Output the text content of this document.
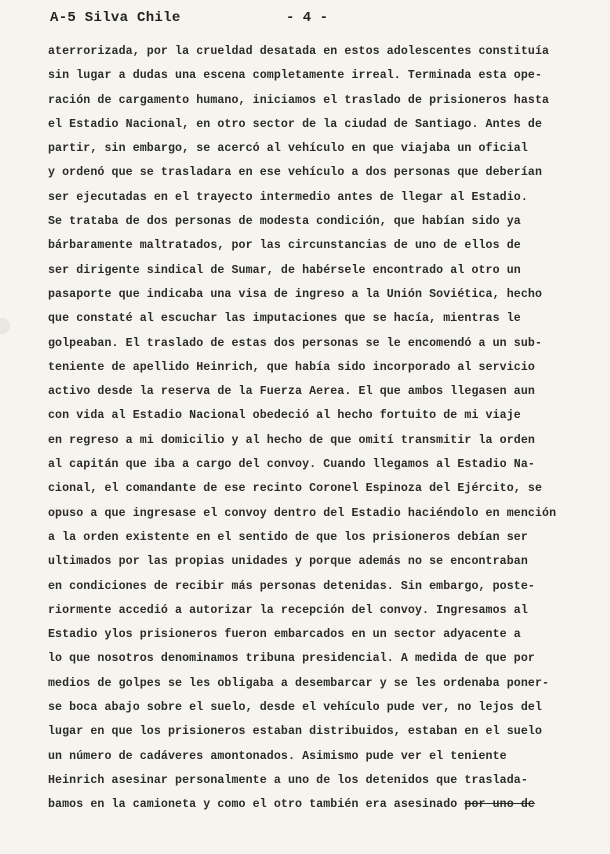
A-5 Silva Chile	- 4 -
aterrorizada, por la crueldad desatada en estos adolescentes constituía
sin lugar a dudas una escena completamente irreal. Terminada esta ope-
ración de cargamento humano, iniciamos el traslado de prisioneros hasta
el Estadio Nacional, en otro sector de la ciudad de Santiago. Antes de
partir, sin embargo, se acercó al vehículo en que viajaba un oficial
y ordenó que se trasladara en ese vehículo a dos personas que deberían
ser ejecutadas en el trayecto intermedio antes de llegar al Estadio.
Se trataba de dos personas de modesta condición, que habían sido ya
bárbaramente maltratados, por las circunstancias de uno de ellos de
ser dirigente sindical de Sumar, de habérsele encontrado al otro un
pasaporte que indicaba una visa de ingreso a la Unión Soviética, hecho
que constaté al escuchar las imputaciones que se hacía, mientras le
golpeaban. El traslado de estas dos personas se le encomendó a un sub-
teniente de apellido Heinrich, que había sido incorporado al servicio
activo desde la reserva de la Fuerza Aerea. El que ambos llegasen aun
con vida al Estadio Nacional obedeció al hecho fortuito de mi viaje
en regreso a mi domicilio y al hecho de que omití transmitir la orden
al capitán que iba a cargo del convoy. Cuando llegamos al Estadio Na-
cional, el comandante de ese recinto Coronel Espinoza del Ejército, se
opuso a que ingresase el convoy dentro del Estadio haciéndolo en mención
a la orden existente en el sentido de que los prisioneros debían ser
ultimados por las propias unidades y porque además no se encontraban
en condiciones de recibir más personas detenidas. Sin embargo, poste-
riormente accedió a autorizar la recepción del convoy. Ingresamos al
Estadio ylos prisioneros fueron embarcados en un sector adyacente a
lo que nosotros denominamos tribuna presidencial. A medida de que por
medios de golpes se les obligaba a desembarcar y se les ordenaba poner-
se boca abajo sobre el suelo, desde el vehículo pude ver, no lejos del
lugar en que los prisioneros estaban distribuidos, estaban en el suelo
un número de cadáveres amontonados. Asimismo pude ver el teniente
Heinrich asesinar personalmente a uno de los detenidos que traslada-
bamos en la camioneta y como el otro también era asesinado por uno de
